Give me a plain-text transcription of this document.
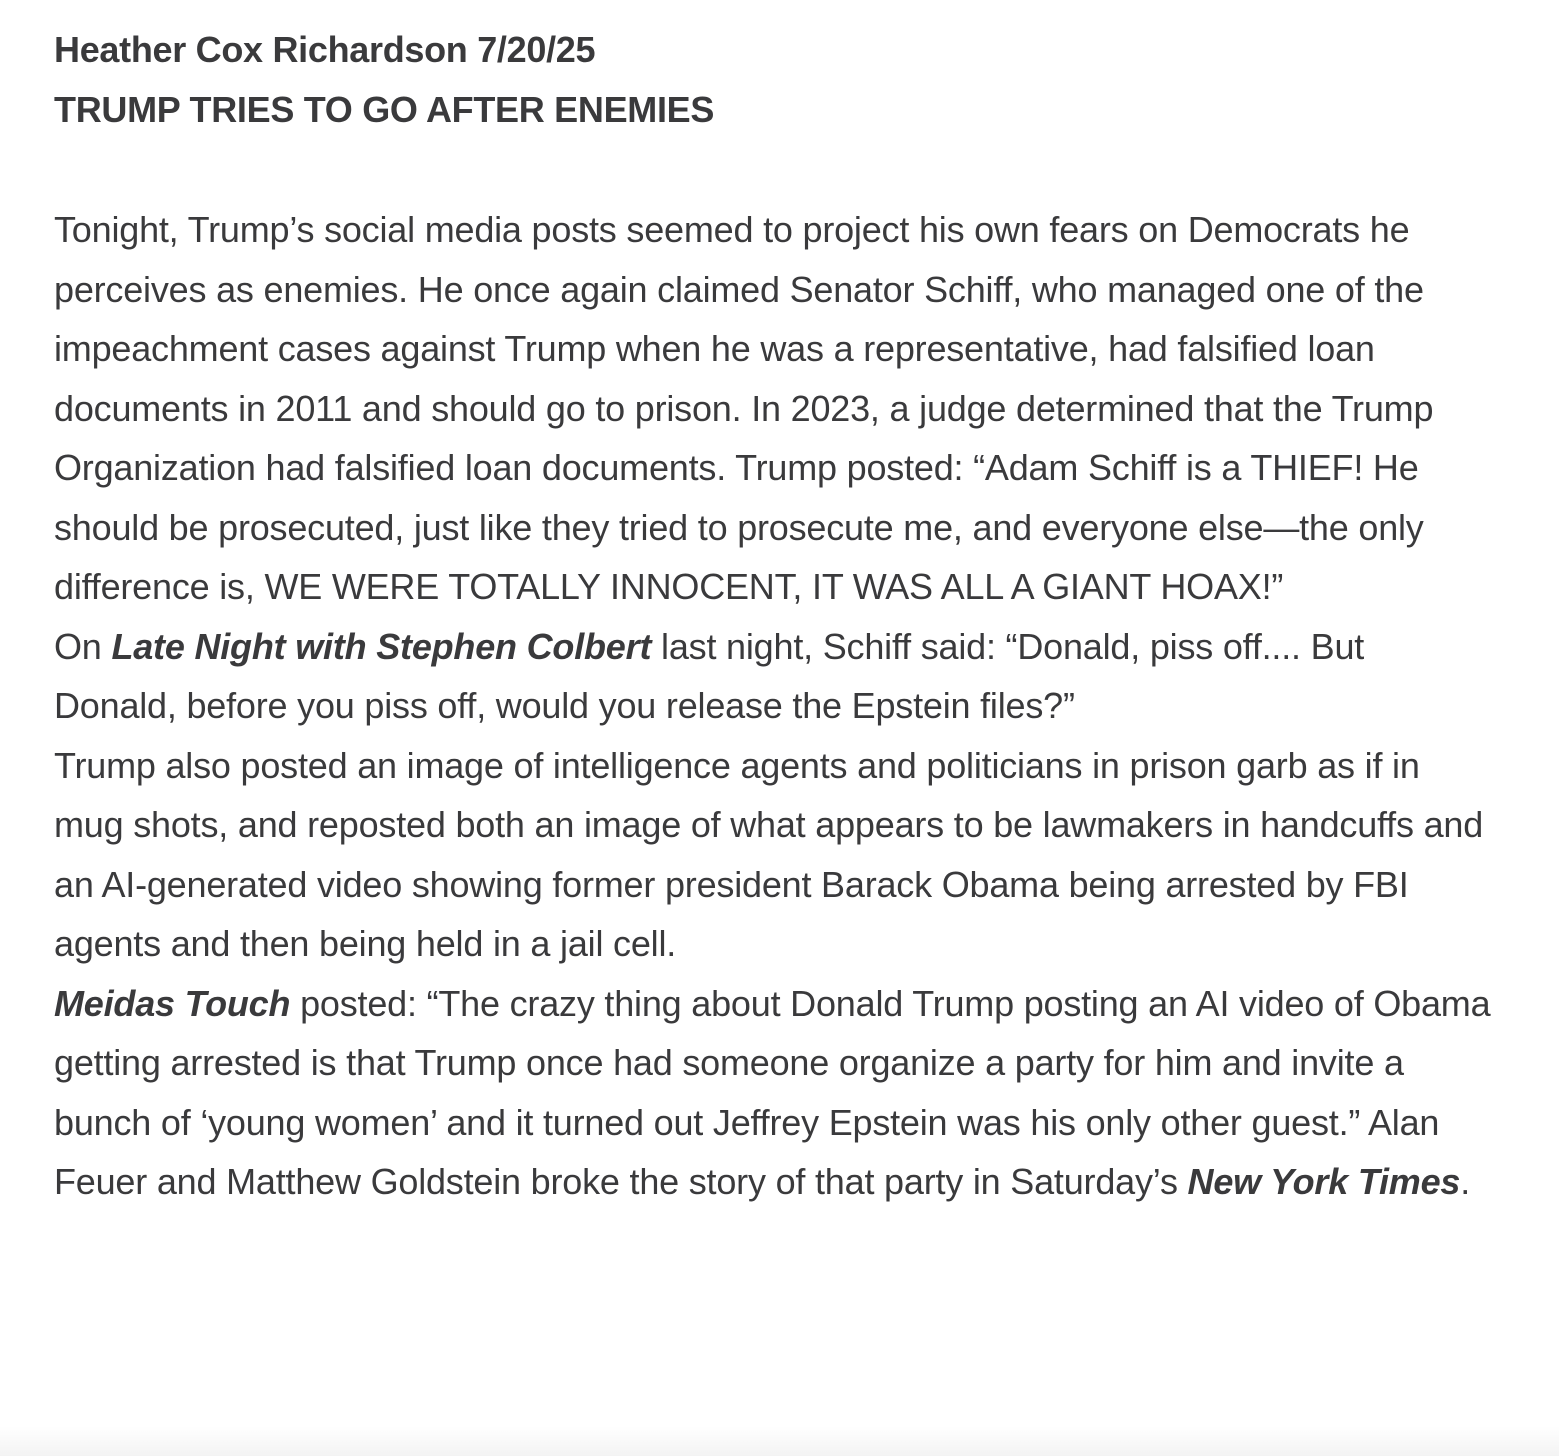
Heather Cox Richardson 7/20/25
TRUMP TRIES TO GO AFTER ENEMIES

Tonight, Trump’s social media posts seemed to project his own fears on Democrats he perceives as enemies. He once again claimed Senator Schiff, who managed one of the impeachment cases against Trump when he was a representative, had falsified loan documents in 2011 and should go to prison. In 2023, a judge determined that the Trump Organization had falsified loan documents. Trump posted: “Adam Schiff is a THIEF! He should be prosecuted, just like they tried to prosecute me, and everyone else—the only difference is, WE WERE TOTALLY INNOCENT, IT WAS ALL A GIANT HOAX!”

On Late Night with Stephen Colbert last night, Schiff said: “Donald, piss off.... But Donald, before you piss off, would you release the Epstein files?”

Trump also posted an image of intelligence agents and politicians in prison garb as if in mug shots, and reposted both an image of what appears to be lawmakers in handcuffs and an AI-generated video showing former president Barack Obama being arrested by FBI agents and then being held in a jail cell.

Meidas Touch posted: “The crazy thing about Donald Trump posting an AI video of Obama getting arrested is that Trump once had someone organize a party for him and invite a bunch of ‘young women’ and it turned out Jeffrey Epstein was his only other guest.” Alan Feuer and Matthew Goldstein broke the story of that party in Saturday’s New York Times.
